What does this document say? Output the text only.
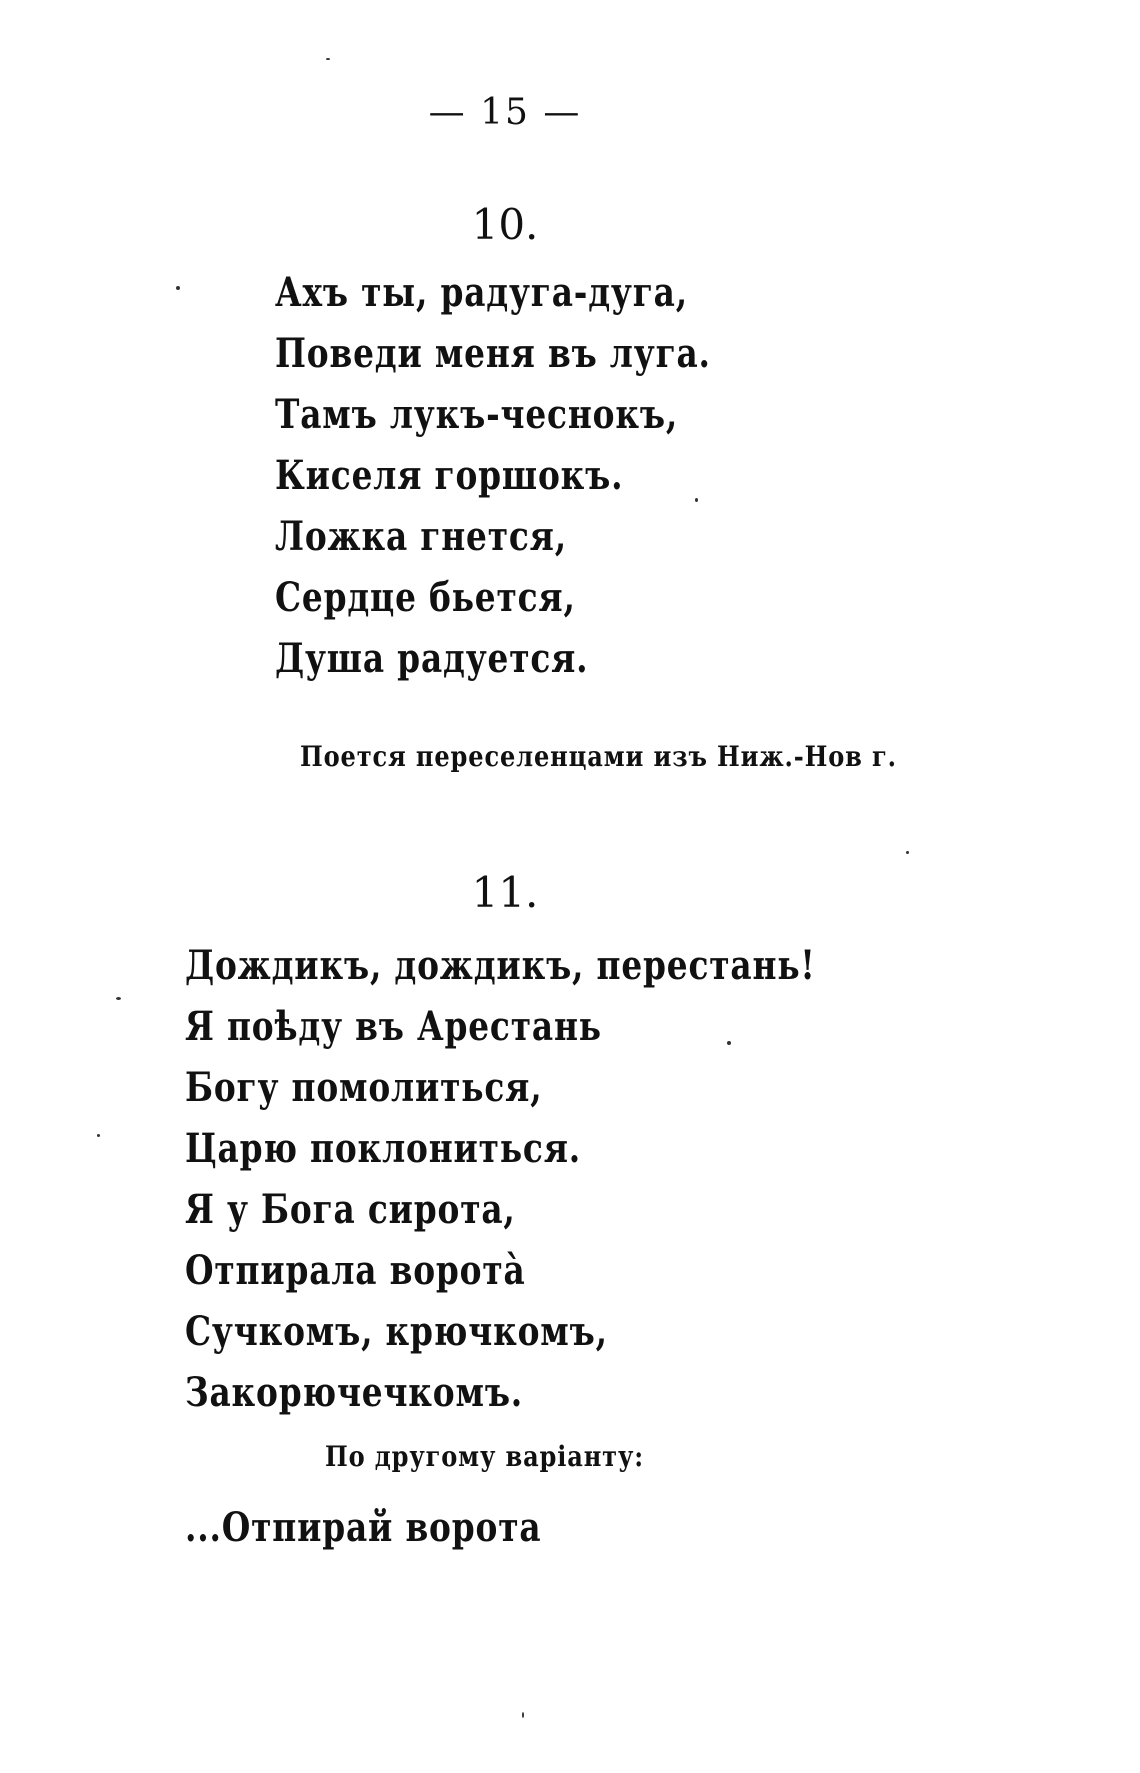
— 15 —
10.
Ахъ ты, радуга-дуга,
Поведи меня въ луга.
Тамъ лукъ-чеснокъ,
Киселя горшокъ.
Ложка гнется,
Сердце бьется,
Душа радуется.
Поется переселенцами изъ Ниж.-Нов г.
11.
Дождикъ, дождикъ, перестань!
Я поѣду въ Арестань
Богу помолиться,
Царю поклониться.
Я у Бога сирота,
Отпирала ворота̀
Сучкомъ, крючкомъ,
Закорючечкомъ.
По другому варіанту:
...Отпирай ворота
